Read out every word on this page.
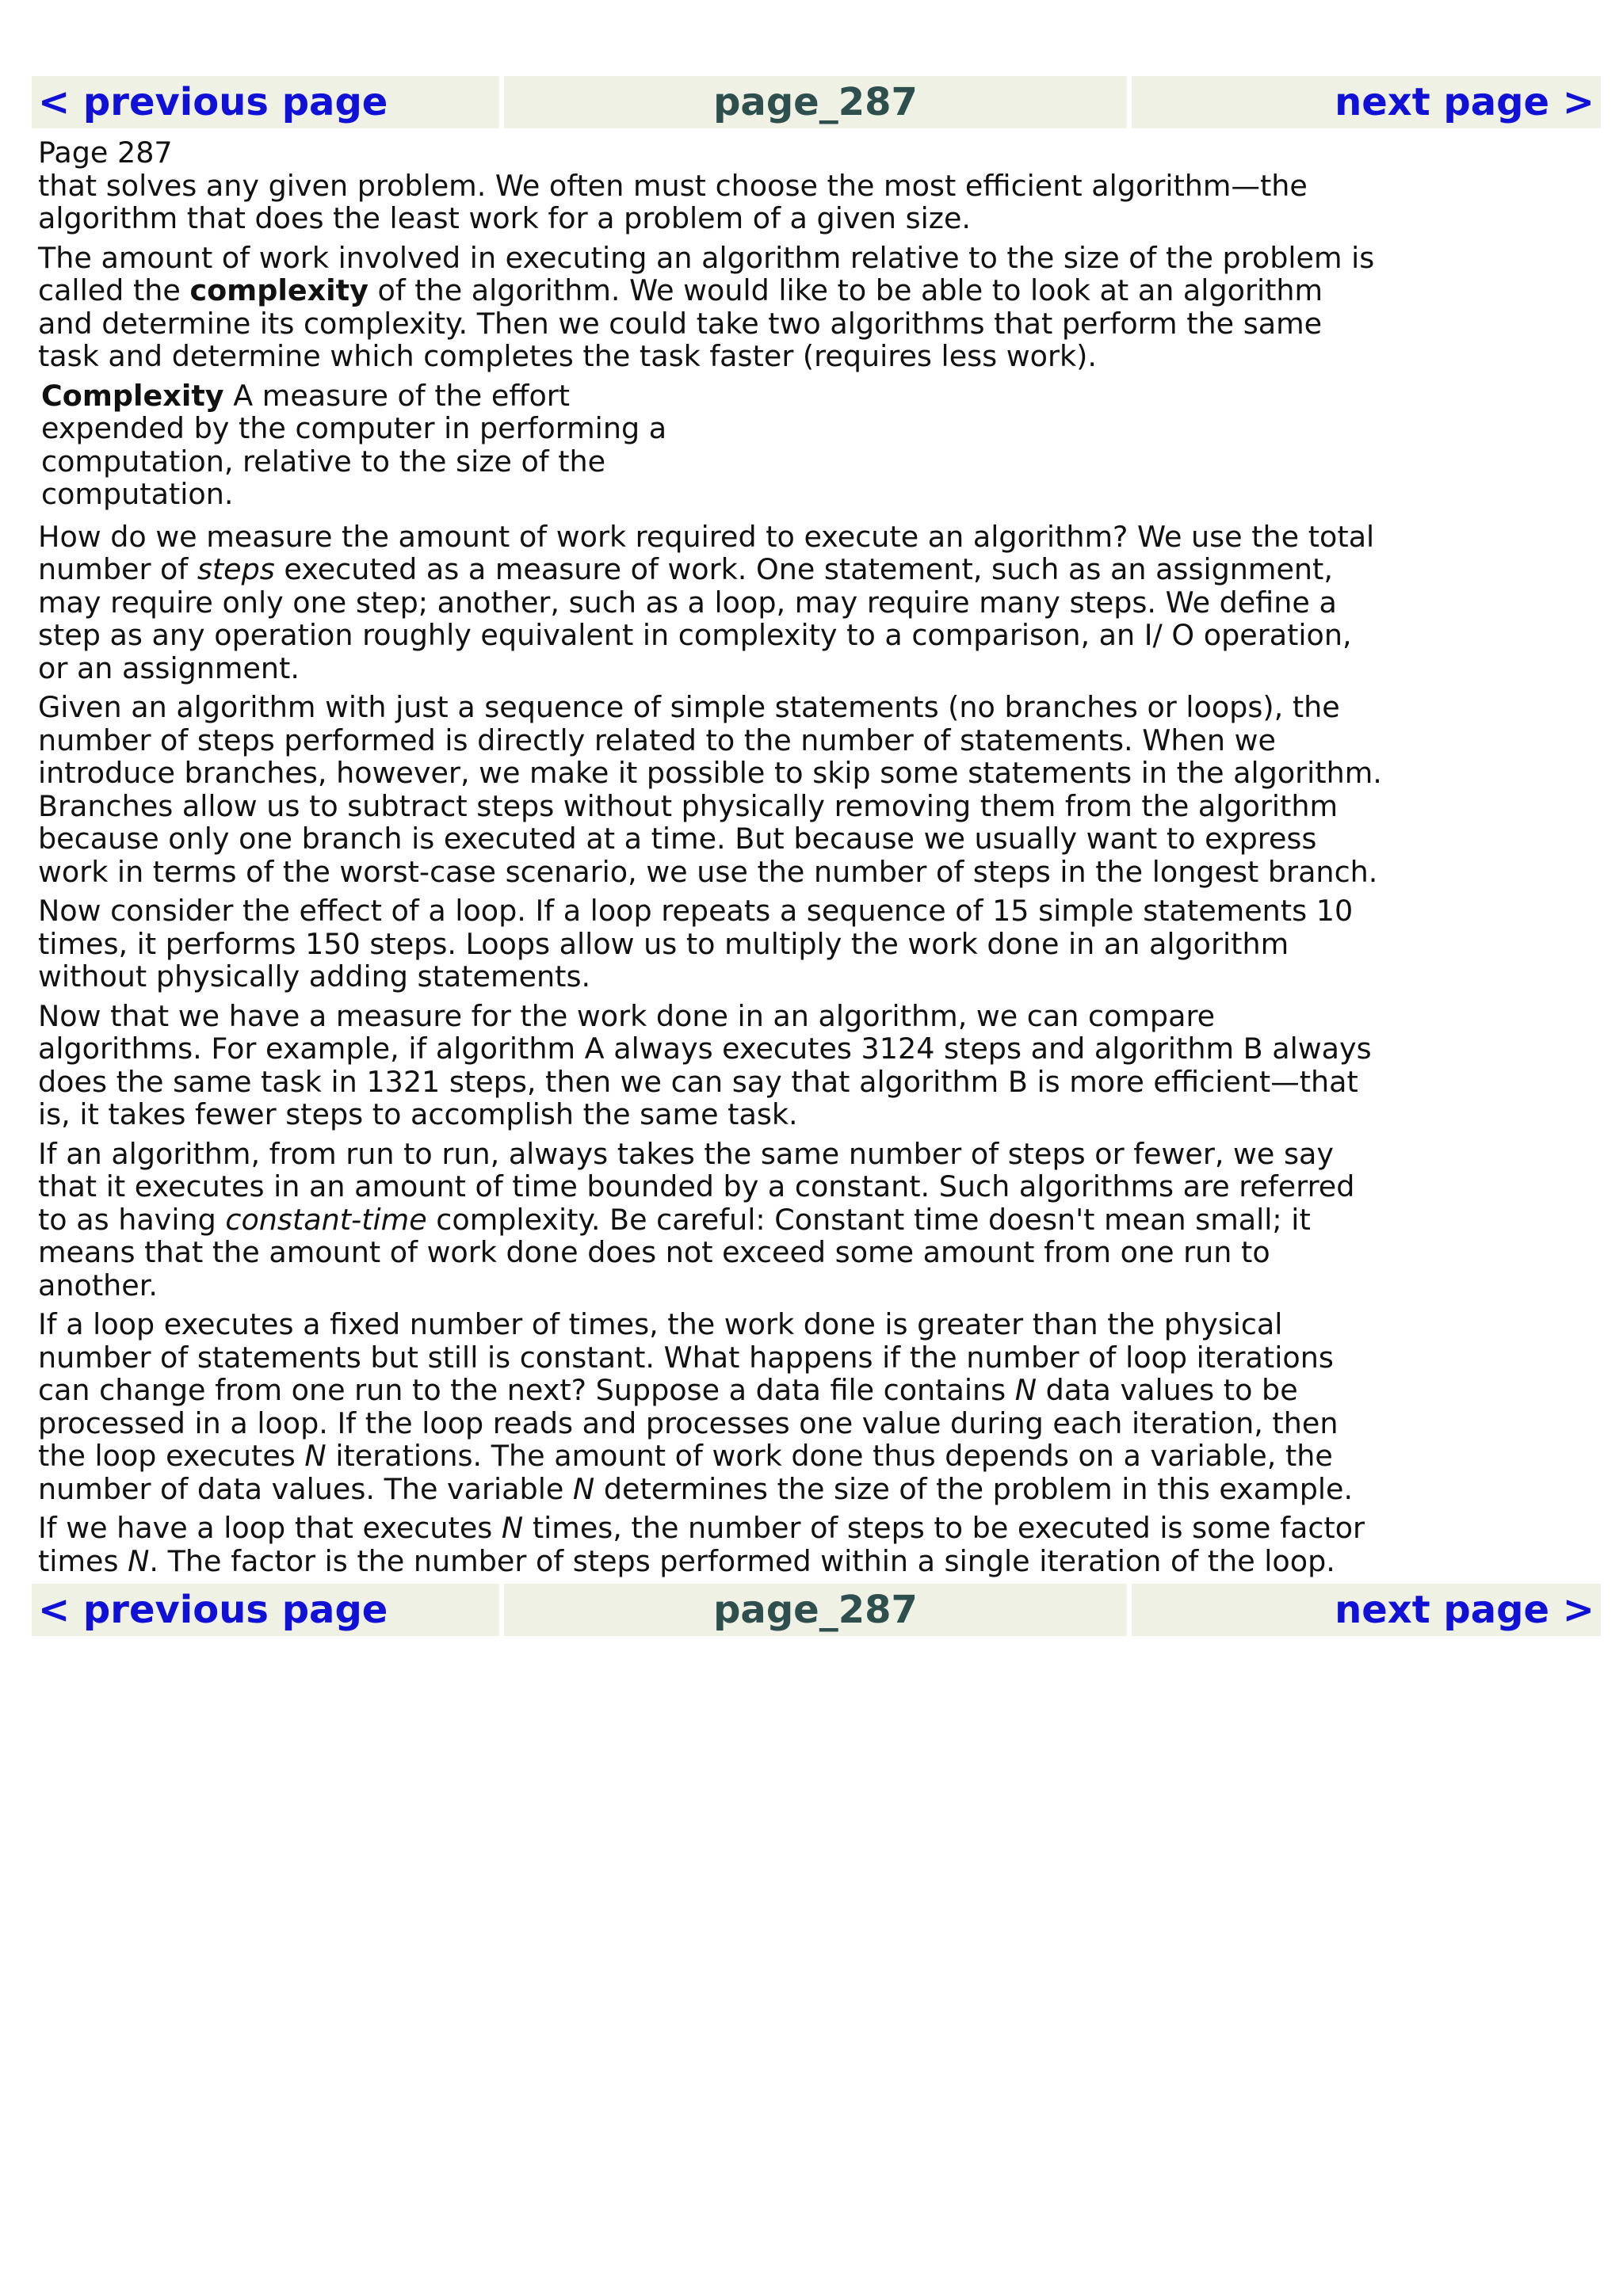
< previous page	page_287	next page >
Page 287

that solves any given problem. We often must choose the most efficient algorithm—the algorithm that does the least work for a problem of a given size.

The amount of work involved in executing an algorithm relative to the size of the problem is called the complexity of the algorithm. We would like to be able to look at an algorithm and determine its complexity. Then we could take two algorithms that perform the same task and determine which completes the task faster (requires less work).

Complexity A measure of the effort expended by the computer in performing a computation, relative to the size of the computation.

How do we measure the amount of work required to execute an algorithm? We use the total number of steps executed as a measure of work. One statement, such as an assignment, may require only one step; another, such as a loop, may require many steps. We define a step as any operation roughly equivalent in complexity to a comparison, an I/ O operation, or an assignment.

Given an algorithm with just a sequence of simple statements (no branches or loops), the number of steps performed is directly related to the number of statements. When we introduce branches, however, we make it possible to skip some statements in the algorithm. Branches allow us to subtract steps without physically removing them from the algorithm because only one branch is executed at a time. But because we usually want to express work in terms of the worst-case scenario, we use the number of steps in the longest branch.

Now consider the effect of a loop. If a loop repeats a sequence of 15 simple statements 10 times, it performs 150 steps. Loops allow us to multiply the work done in an algorithm without physically adding statements.

Now that we have a measure for the work done in an algorithm, we can compare algorithms. For example, if algorithm A always executes 3124 steps and algorithm B always does the same task in 1321 steps, then we can say that algorithm B is more efficient—that is, it takes fewer steps to accomplish the same task.

If an algorithm, from run to run, always takes the same number of steps or fewer, we say that it executes in an amount of time bounded by a constant. Such algorithms are referred to as having constant-time complexity. Be careful: Constant time doesn't mean small; it means that the amount of work done does not exceed some amount from one run to another.

If a loop executes a fixed number of times, the work done is greater than the physical number of statements but still is constant. What happens if the number of loop iterations can change from one run to the next? Suppose a data file contains N data values to be processed in a loop. If the loop reads and processes one value during each iteration, then the loop executes N iterations. The amount of work done thus depends on a variable, the number of data values. The variable N determines the size of the problem in this example.

If we have a loop that executes N times, the number of steps to be executed is some factor times N. The factor is the number of steps performed within a single iteration of the loop.

< previous page	page_287	next page >
